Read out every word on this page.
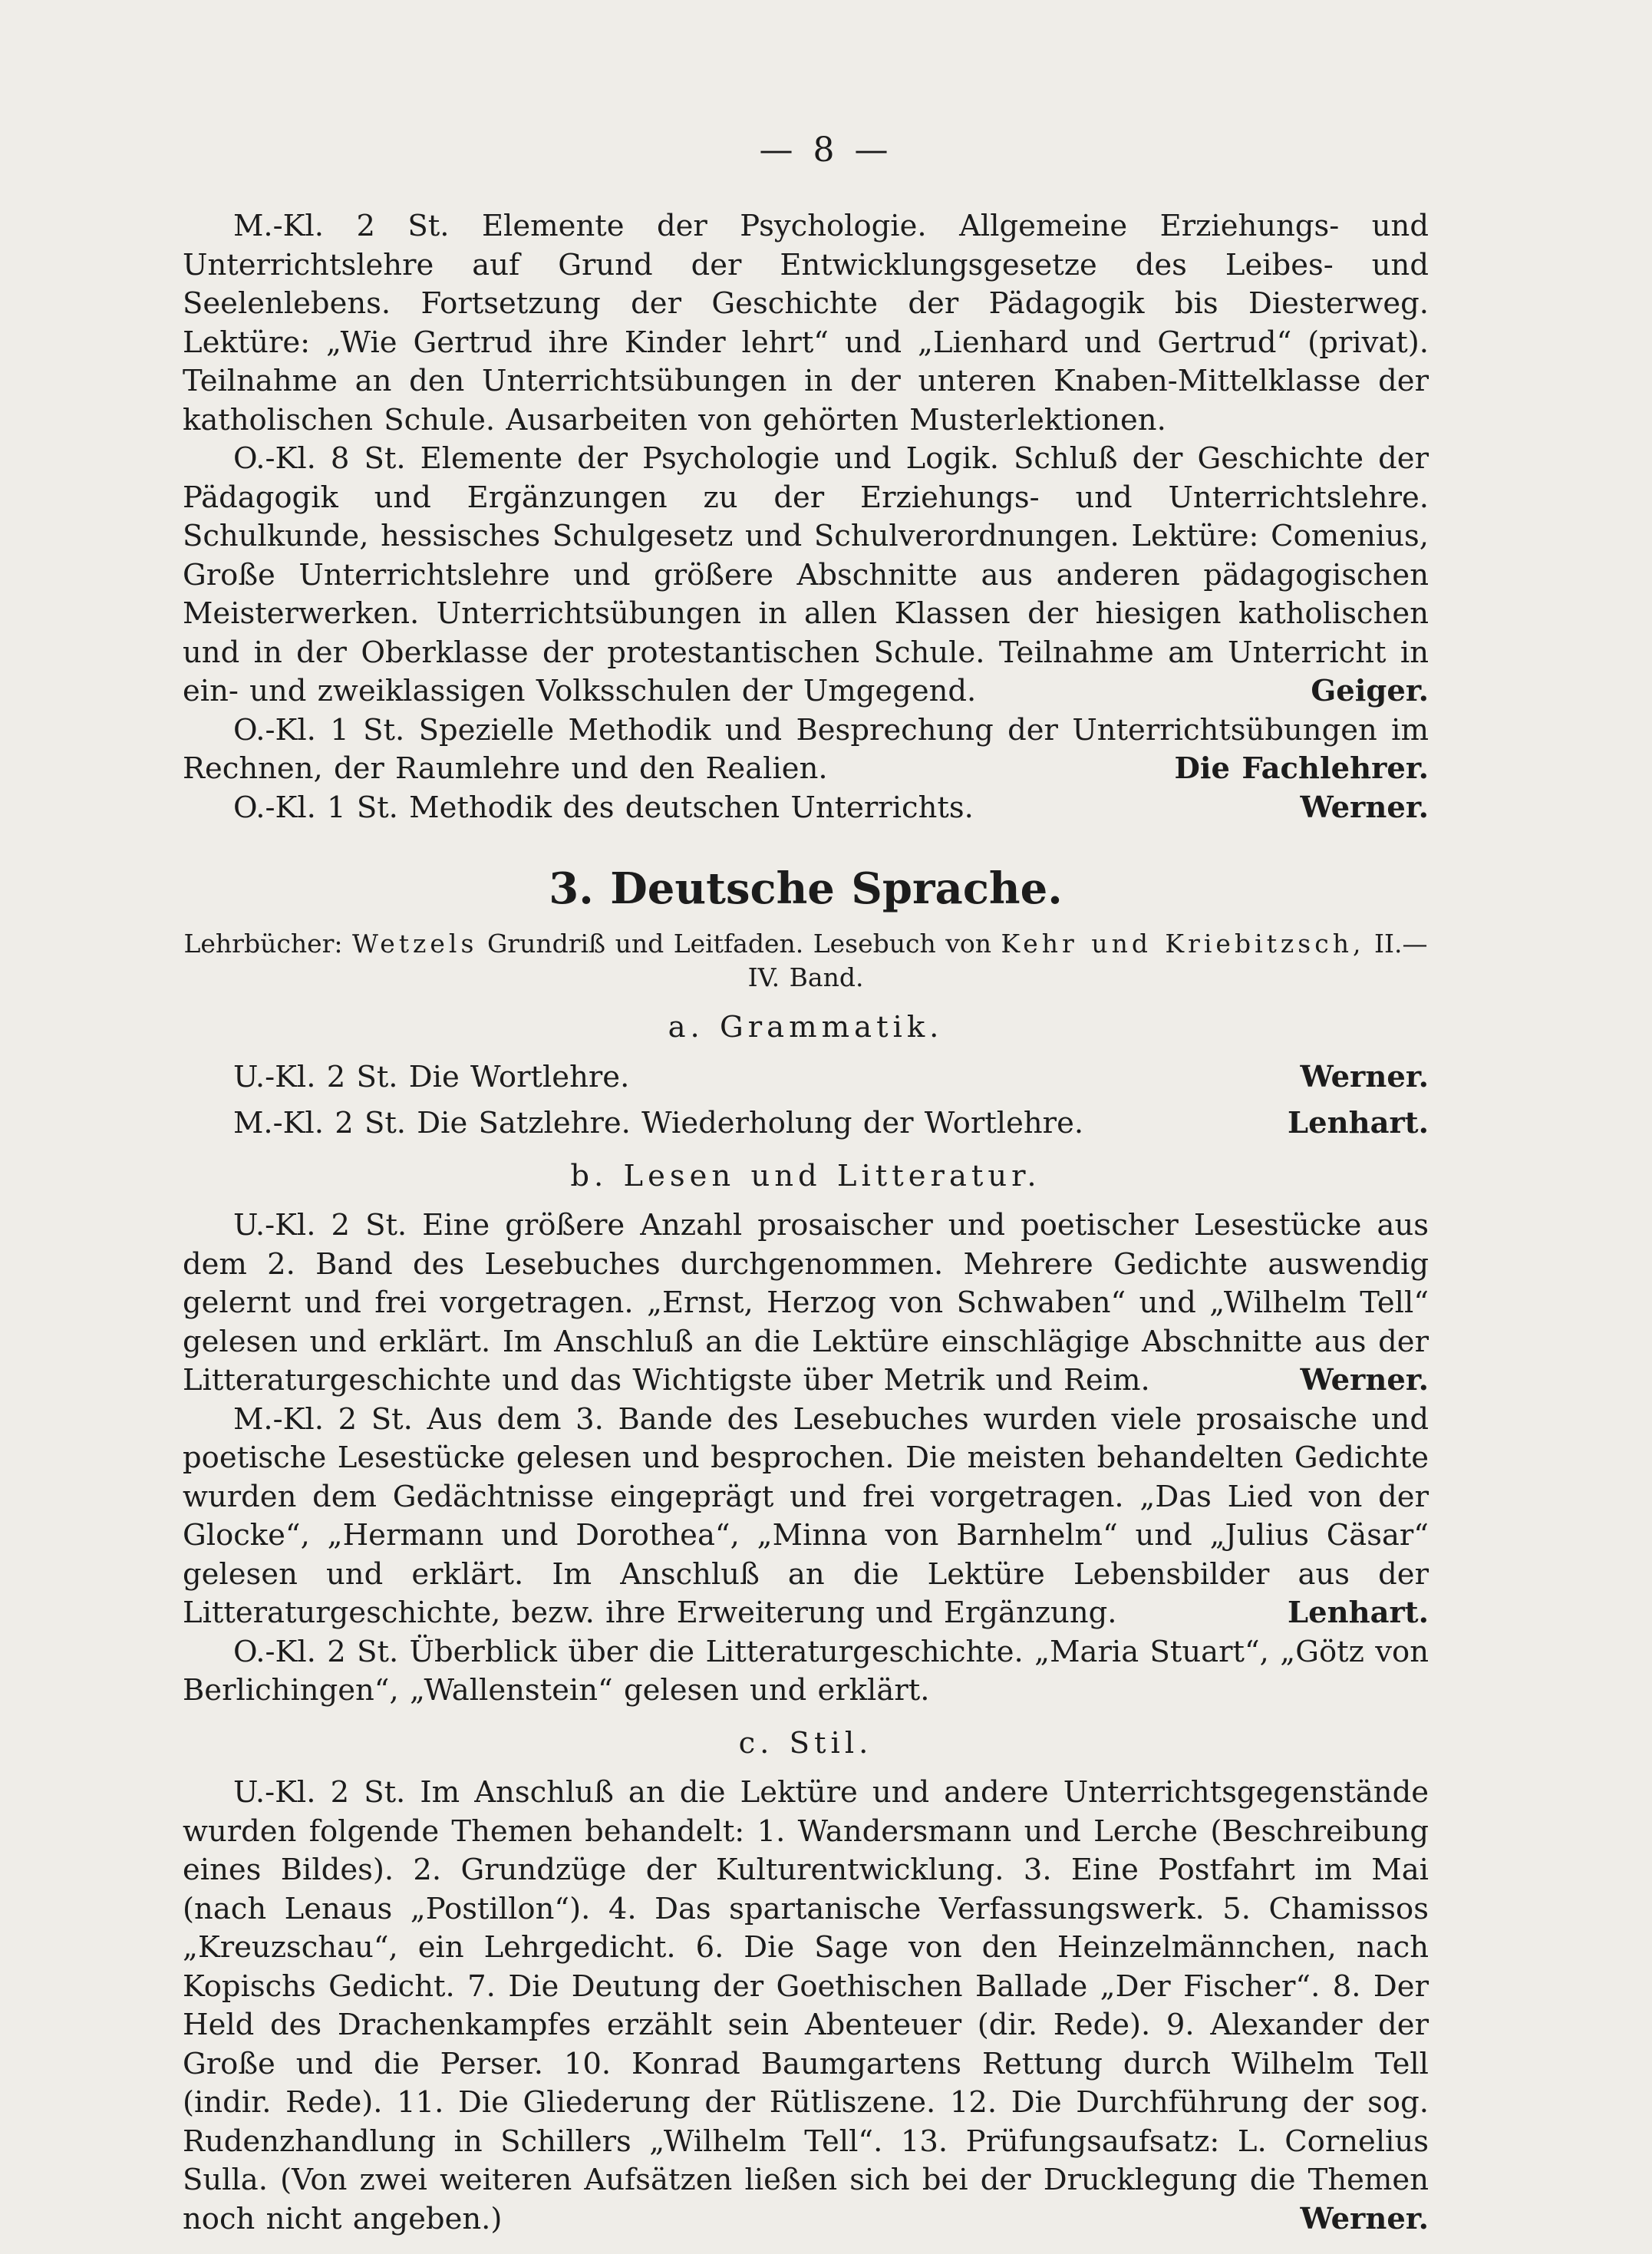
— 8 —

M.-Kl. 2 St. Elemente der Psychologie. Allgemeine Erziehungs- und Unterrichtslehre auf Grund der Entwicklungsgesetze des Leibes- und Seelenlebens. Fortsetzung der Geschichte der Pädagogik bis Diesterweg. Lektüre: „Wie Gertrud ihre Kinder lehrt“ und „Lienhard und Gertrud“ (privat). Teilnahme an den Unterrichtsübungen in der unteren Knaben-Mittelklasse der katholischen Schule. Ausarbeiten von gehörten Musterlektionen.

O.-Kl. 8 St. Elemente der Psychologie und Logik. Schluß der Geschichte der Pädagogik und Ergänzungen zu der Erziehungs- und Unterrichtslehre. Schulkunde, hessisches Schulgesetz und Schulverordnungen. Lektüre: Comenius, Große Unterrichtslehre und größere Abschnitte aus anderen pädagogischen Meisterwerken. Unterrichtsübungen in allen Klassen der hiesigen katholischen und in der Oberklasse der protestantischen Schule. Teilnahme am Unterricht in ein- und zweiklassigen Volksschulen der Umgegend.	Geiger.

O.-Kl. 1 St. Spezielle Methodik und Besprechung der Unterrichtsübungen im Rechnen, der Raumlehre und den Realien.	Die Fachlehrer.

O.-Kl. 1 St. Methodik des deutschen Unterrichts.	Werner.

3. Deutsche Sprache.
Lehrbücher: Wetzels Grundriß und Leitfaden. Lesebuch von Kehr und Kriebitzsch, II.—IV. Band.
a. Grammatik.
U.-Kl. 2 St. Die Wortlehre.	Werner.
M.-Kl. 2 St. Die Satzlehre. Wiederholung der Wortlehre.	Lenhart.
b. Lesen und Litteratur.

U.-Kl. 2 St. Eine größere Anzahl prosaischer und poetischer Lesestücke aus dem 2. Band des Lesebuches durchgenommen. Mehrere Gedichte auswendig gelernt und frei vorgetragen. „Ernst, Herzog von Schwaben“ und „Wilhelm Tell“ gelesen und erklärt. Im Anschluß an die Lektüre einschlägige Abschnitte aus der Litteraturgeschichte und das Wichtigste über Metrik und Reim.	Werner.

M.-Kl. 2 St. Aus dem 3. Bande des Lesebuches wurden viele prosaische und poetische Lesestücke gelesen und besprochen. Die meisten behandelten Gedichte wurden dem Gedächtnisse eingeprägt und frei vorgetragen. „Das Lied von der Glocke“, „Hermann und Dorothea“, „Minna von Barnhelm“ und „Julius Cäsar“ gelesen und erklärt. Im Anschluß an die Lektüre Lebensbilder aus der Litteraturgeschichte, bezw. ihre Erweiterung und Ergänzung.	Lenhart.

O.-Kl. 2 St. Überblick über die Litteraturgeschichte. „Maria Stuart“, „Götz von Berlichingen“, „Wallenstein“ gelesen und erklärt.

c. Stil.

U.-Kl. 2 St. Im Anschluß an die Lektüre und andere Unterrichtsgegenstände wurden folgende Themen behandelt: 1. Wandersmann und Lerche (Beschreibung eines Bildes). 2. Grundzüge der Kulturentwicklung. 3. Eine Postfahrt im Mai (nach Lenaus „Postillon“). 4. Das spartanische Verfassungswerk. 5. Chamissos „Kreuzschau“, ein Lehrgedicht. 6. Die Sage von den Heinzelmännchen, nach Kopischs Gedicht. 7. Die Deutung der Goethischen Ballade „Der Fischer“. 8. Der Held des Drachenkampfes erzählt sein Abenteuer (dir. Rede). 9. Alexander der Große und die Perser. 10. Konrad Baumgartens Rettung durch Wilhelm Tell (indir. Rede). 11. Die Gliederung der Rütliszene. 12. Die Durchführung der sog. Rudenzhandlung in Schillers „Wilhelm Tell“. 13. Prüfungsaufsatz: L. Cornelius Sulla. (Von zwei weiteren Aufsätzen ließen sich bei der Drucklegung die Themen noch nicht angeben.)	Werner.
